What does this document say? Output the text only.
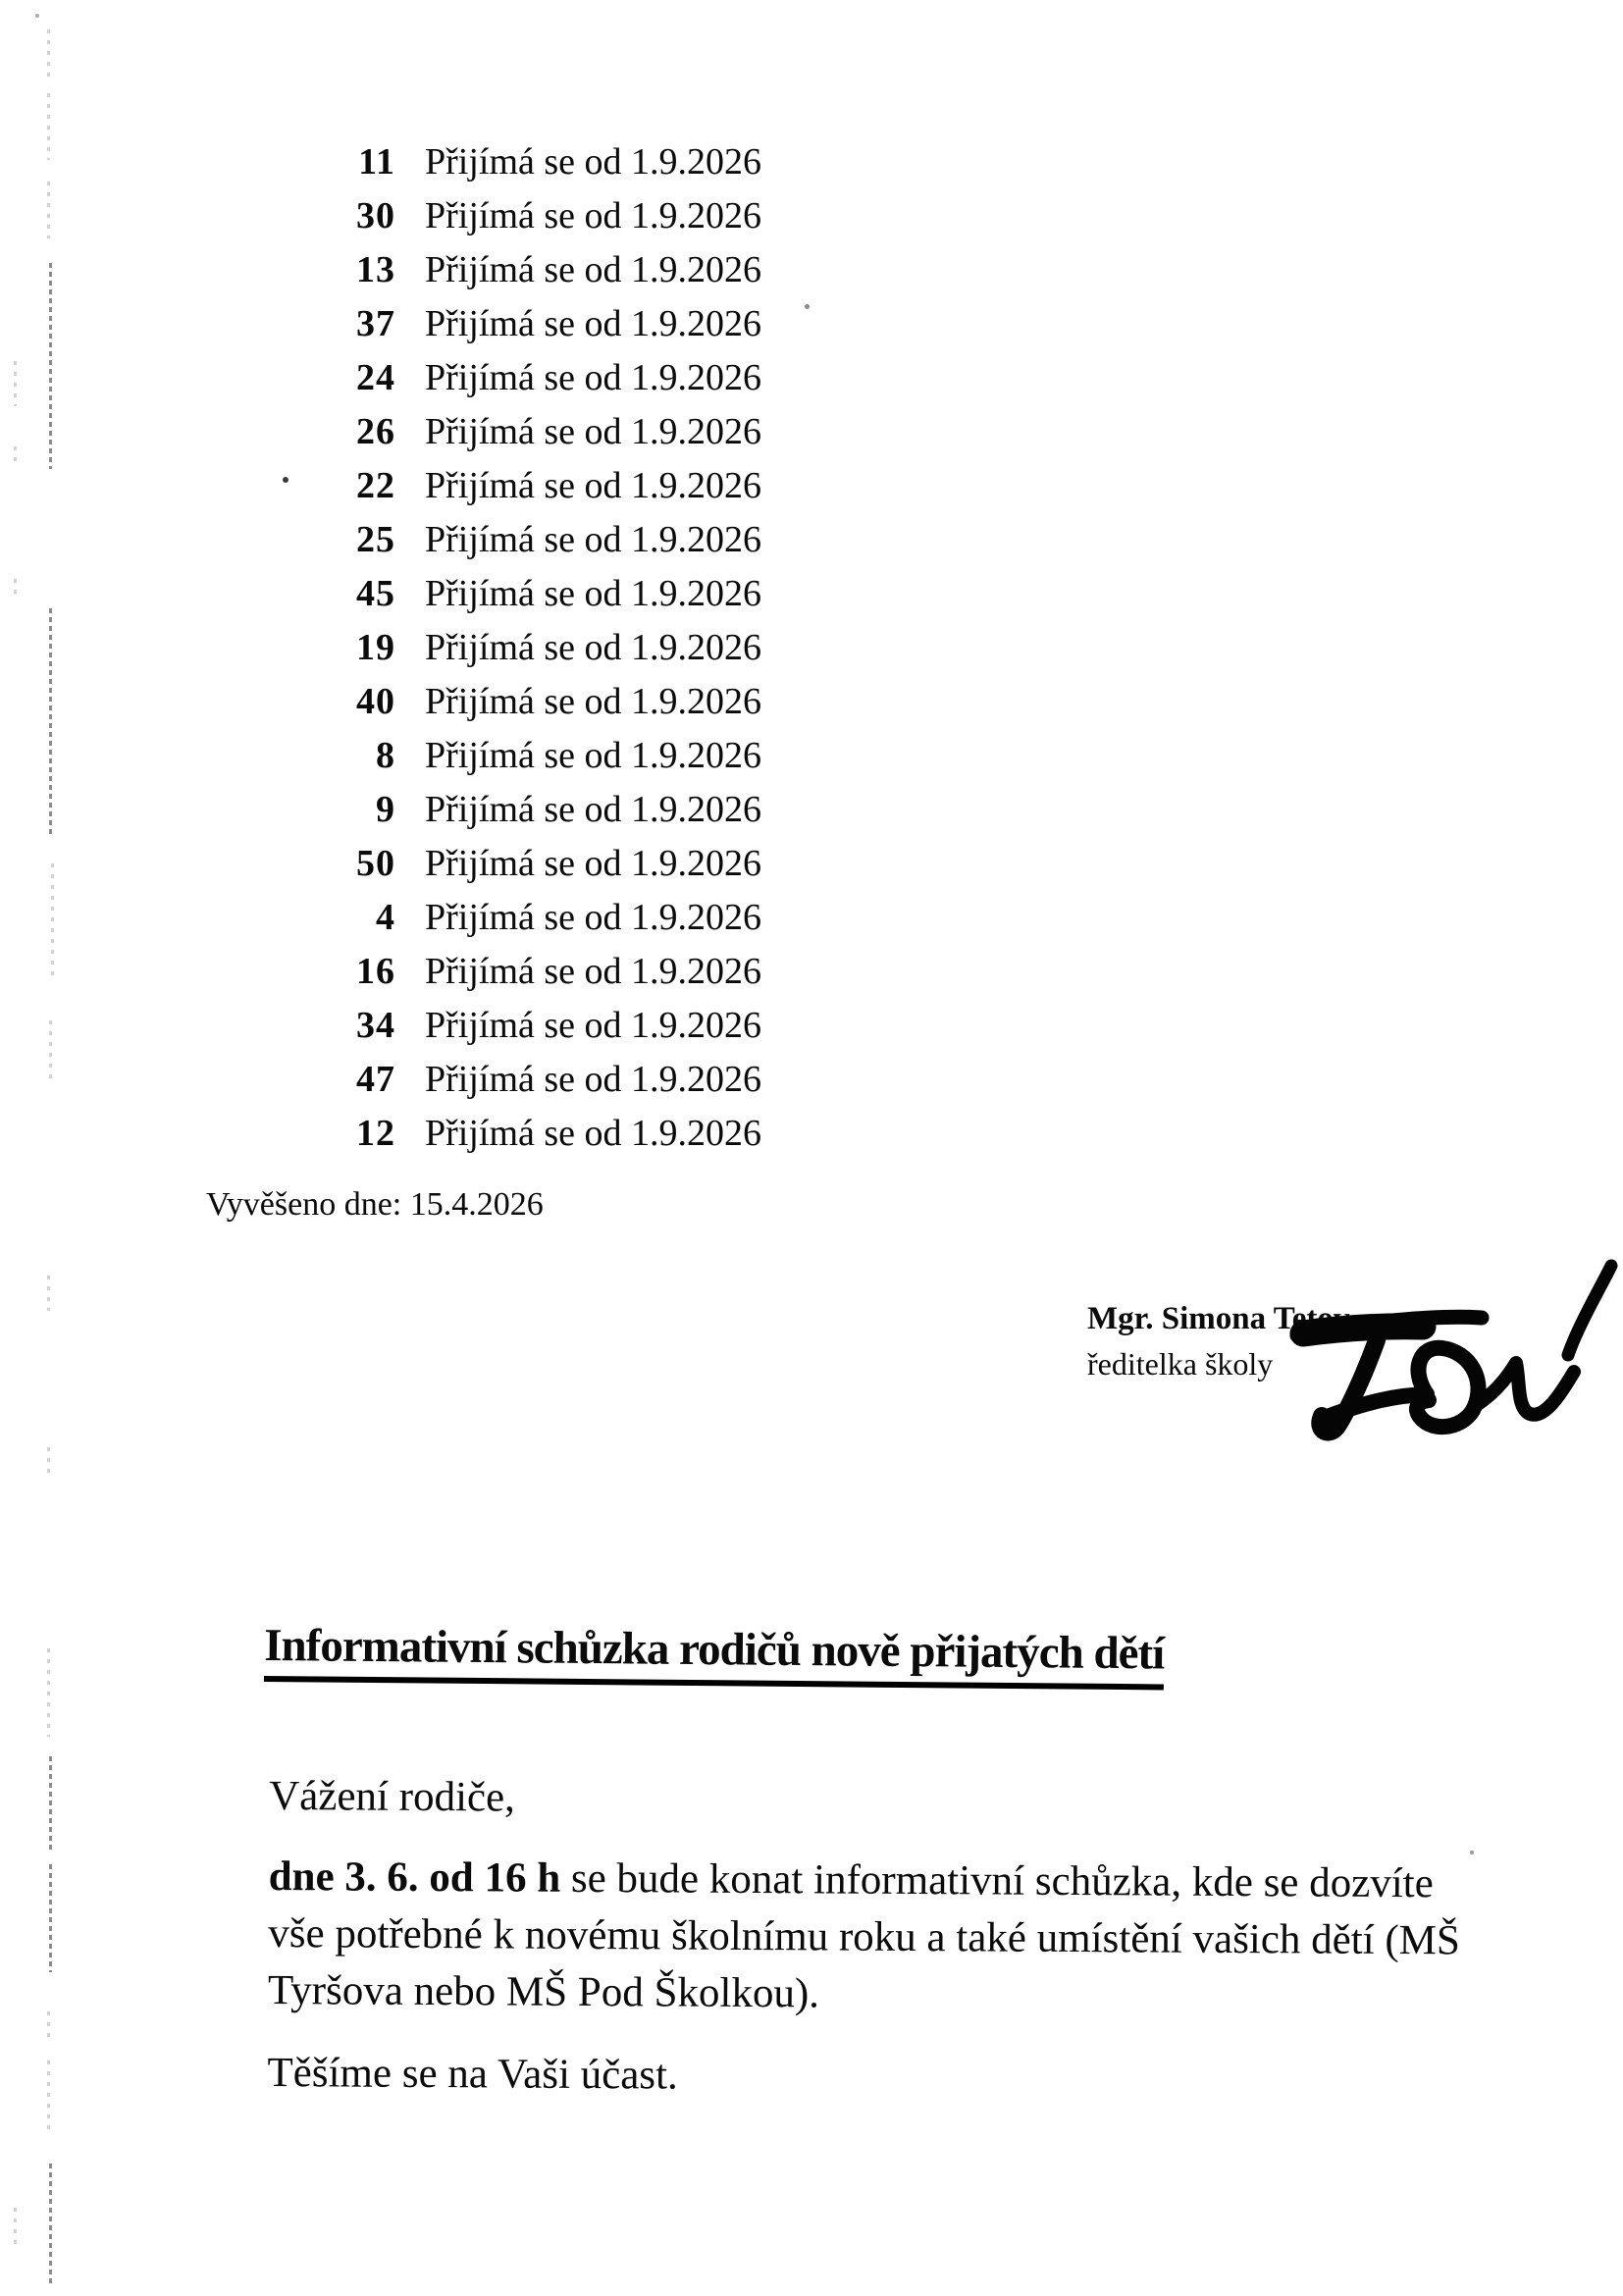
11 Přijímá se od 1.9.2026
30 Přijímá se od 1.9.2026
13 Přijímá se od 1.9.2026
37 Přijímá se od 1.9.2026
24 Přijímá se od 1.9.2026
26 Přijímá se od 1.9.2026
22 Přijímá se od 1.9.2026
25 Přijímá se od 1.9.2026
45 Přijímá se od 1.9.2026
19 Přijímá se od 1.9.2026
40 Přijímá se od 1.9.2026
8 Přijímá se od 1.9.2026
9 Přijímá se od 1.9.2026
50 Přijímá se od 1.9.2026
4 Přijímá se od 1.9.2026
16 Přijímá se od 1.9.2026
34 Přijímá se od 1.9.2026
47 Přijímá se od 1.9.2026
12 Přijímá se od 1.9.2026
Vyvěšeno dne: 15.4.2026
Mgr. Simona Tetov
ředitelka školy
Informativní schůzka rodičů nově přijatých dětí

Vážení rodiče,

dne 3. 6. od 16 h se bude konat informativní schůzka, kde se dozvíte
vše potřebné k novému školnímu roku a také umístění vašich dětí (MŠ
Tyršova nebo MŠ Pod Školkou).

Těšíme se na Vaši účast.
